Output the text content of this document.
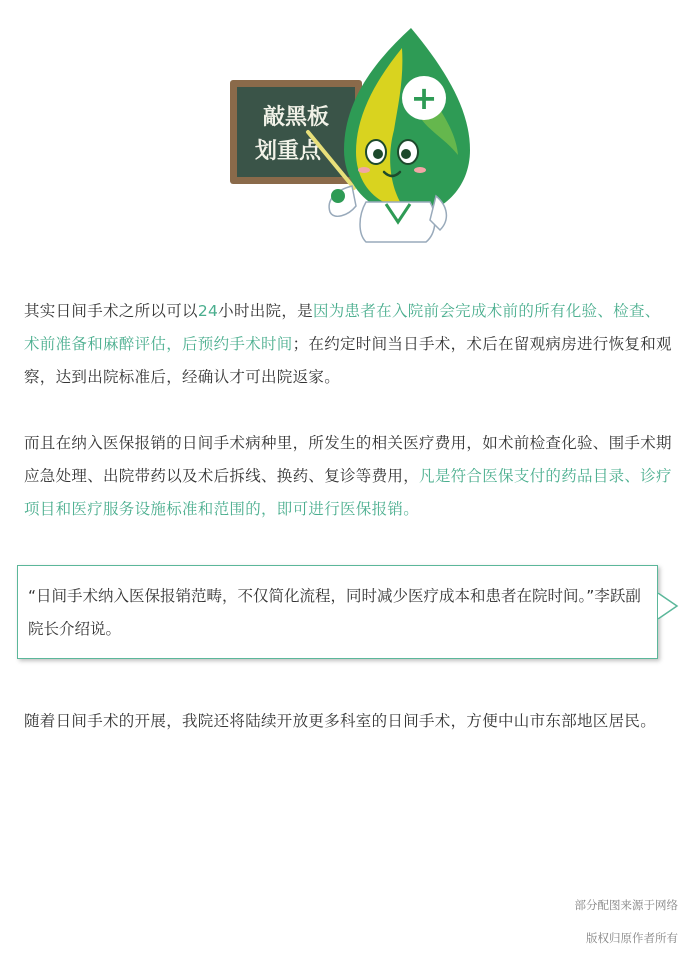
敲黑板
划重点
+

其实日间手术之所以可以24小时出院，是因为患者在入院前会完成术前的所有化验、检查、术前准备和麻醉评估，后预约手术时间；在约定时间当日手术，术后在留观病房进行恢复和观察，达到出院标准后，经确认才可出院返家。

而且在纳入医保报销的日间手术病种里，所发生的相关医疗费用，如术前检查化验、围手术期应急处理、出院带药以及术后拆线、换药、复诊等费用，凡是符合医保支付的药品目录、诊疗项目和医疗服务设施标准和范围的，即可进行医保报销。

“日间手术纳入医保报销范畴，不仅简化流程，同时减少医疗成本和患者在院时间。”李跃副院长介绍说。

随着日间手术的开展，我院还将陆续开放更多科室的日间手术，方便中山市东部地区居民。

部分配图来源于网络

版权归原作者所有
